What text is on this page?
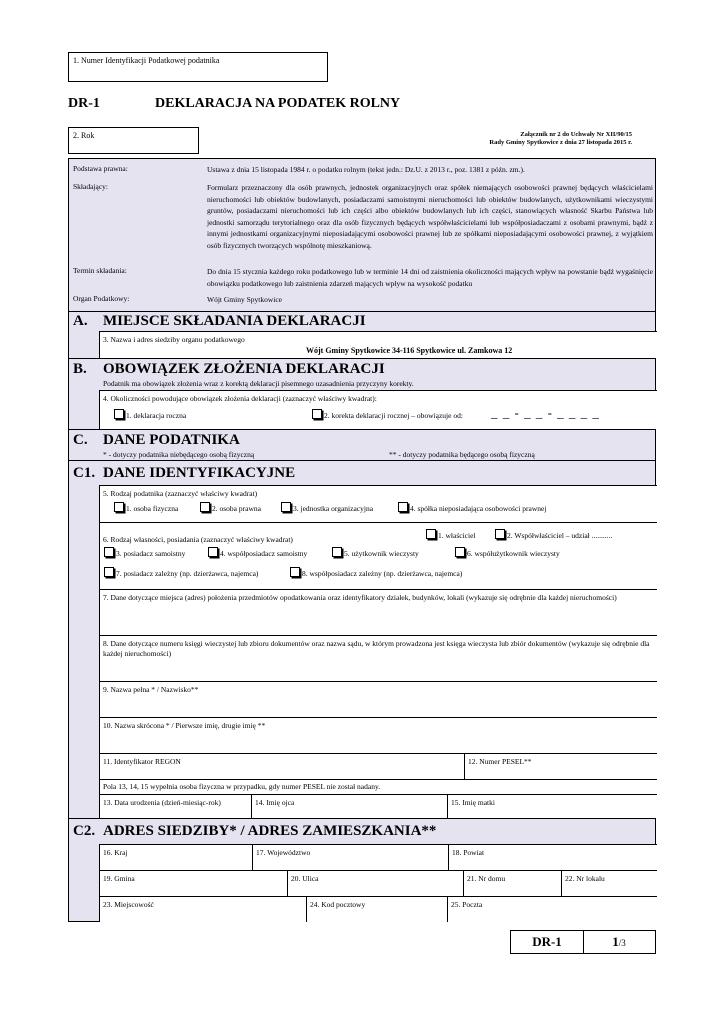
1. Numer Identyfikacji Podatkowej podatnika
DR-1	DEKLARACJA NA PODATEK ROLNY
2. Rok	Załącznik nr 2 do Uchwały Nr XII/90/15
Rady Gminy Spytkowice z dnia 27 listopada 2015 r.
Podstawa prawna:	Ustawa z dnia 15 listopada 1984 r. o podatku rolnym (tekst jedn.: Dz.U. z 2013 r., poz. 1381 z późn. zm.).
Składający:	Formularz przeznaczony dla osób prawnych, jednostek organizacyjnych oraz spółek niemających osobowości prawnej będących właścicielami nieruchomości lub obiektów budowlanych, posiadaczami samoistnymi nieruchomości lub obiektów budowlanych, użytkownikami wieczystymi gruntów, posiadaczami nieruchomości lub ich części albo obiektów budowlanych lub ich części, stanowiących własność Skarbu Państwa lub jednostki samorządu terytorialnego oraz dla osób fizycznych będących współwłaścicielami lub współposiadaczami z osobami prawnymi, bądź z innymi jednostkami organizacyjnymi nieposiadającymi osobowości prawnej lub ze spółkami nieposiadającymi osobowości prawnej, z wyjątkiem osób fizycznych tworzących wspólnotę mieszkaniową.
Termin składania:	Do dnia 15 stycznia każdego roku podatkowego lub w terminie 14 dni od zaistnienia okoliczności mających wpływ na powstanie bądź wygaśnięcie obowiązku podatkowego lub zaistnienia zdarzeń mających wpływ na wysokość podatku
Organ Podatkowy:	Wójt Gminy Spytkowice
A. MIEJSCE SKŁADANIA DEKLARACJI
3. Nazwa i adres siedziby organu podatkowego
Wójt Gminy Spytkowice 34-116 Spytkowice ul. Zamkowa 12
B. OBOWIĄZEK ZŁOŻENIA DEKLARACJI
Podatnik ma obowiązek złożenia wraz z korektą deklaracji pisemnego uzasadnienia przyczyny korekty.
4. Okoliczności powodujące obowiązek złożenia deklaracji (zaznaczyć właściwy kwadrat):
1. deklaracja roczna	2. korekta deklaracji rocznej – obowiązuje od: _ _ - _ _ - _ _ _ _
C. DANE PODATNIKA
* - dotyczy podatnika niebędącego osobą fizyczną	** - dotyczy podatnika będącego osobą fizyczną
C1. DANE IDENTYFIKACYJNE
5. Rodzaj podatnika (zaznaczyć właściwy kwadrat)
1. osoba fizyczna	2. osoba prawna	3. jednostka organizacyjna	4. spółka nieposiadająca osobowości prawnej
6. Rodzaj własności, posiadania (zaznaczyć właściwy kwadrat)	1. właściciel	2. Współwłaściciel – udział ...........
3. posiadacz samoistny	4. współposiadacz samoistny	5. użytkownik wieczysty	6. współużytkownik wieczysty
7. posiadacz zależny (np. dzierżawca, najemca)	8. współposiadacz zależny (np. dzierżawca, najemca)
7. Dane dotyczące miejsca (adres) położenia przedmiotów opodatkowania oraz identyfikatory działek, budynków, lokali (wykazuje się odrębnie dla każdej nieruchomości)
8. Dane dotyczące numeru księgi wieczystej lub zbioru dokumentów oraz nazwa sądu, w którym prowadzona jest księga wieczysta lub zbiór dokumentów (wykazuje się odrębnie dla każdej nieruchomości)
9. Nazwa pełna * / Nazwisko**
10. Nazwa skrócona * / Pierwsze imię, drugie imię **
11. Identyfikator REGON	12. Numer PESEL**
Pola 13, 14, 15 wypełnia osoba fizyczna w przypadku, gdy numer PESEL nie został nadany.
13. Data urodzenia (dzień-miesiąc-rok)	14. Imię ojca	15. Imię matki
C2. ADRES SIEDZIBY* / ADRES ZAMIESZKANIA**
16. Kraj	17. Województwo	18. Powiat
19. Gmina	20. Ulica	21. Nr domu	22. Nr lokalu
23. Miejscowość	24. Kod pocztowy	25. Poczta
DR-1	1/3
